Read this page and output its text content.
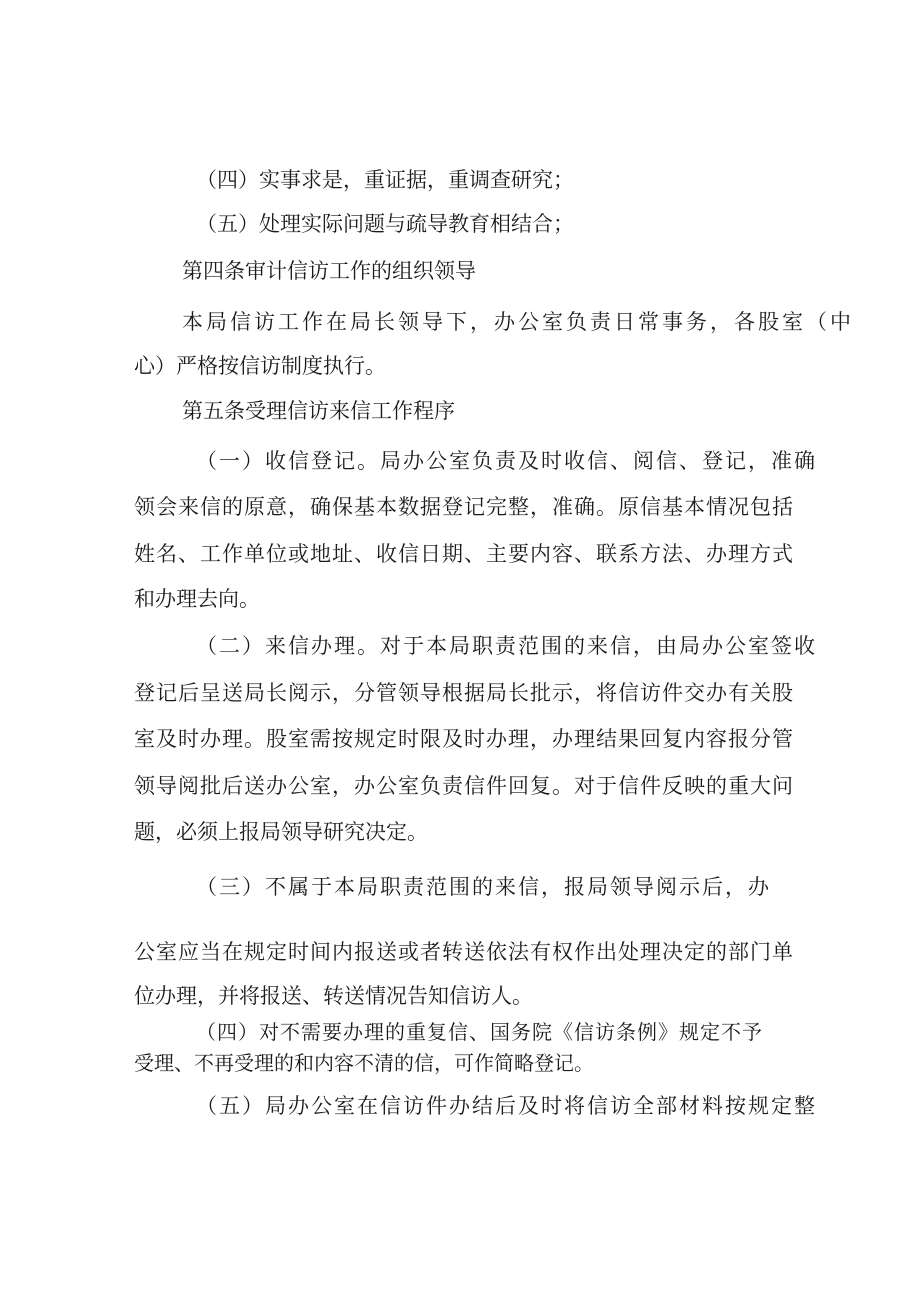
（四）实事求是，重证据，重调查研究；

（五）处理实际问题与疏导教育相结合；

第四条审计信访工作的组织领导

本局信访工作在局长领导下，办公室负责日常事务，各股室（中

心）严格按信访制度执行。

第五条受理信访来信工作程序

（一）收信登记。局办公室负责及时收信、阅信、登记，准确

领会来信的原意，确保基本数据登记完整，准确。原信基本情况包括

姓名、工作单位或地址、收信日期、主要内容、联系方法、办理方式

和办理去向。

（二）来信办理。对于本局职责范围的来信，由局办公室签收

登记后呈送局长阅示，分管领导根据局长批示，将信访件交办有关股

室及时办理。股室需按规定时限及时办理，办理结果回复内容报分管

领导阅批后送办公室，办公室负责信件回复。对于信件反映的重大问

题，必须上报局领导研究决定。

（三）不属于本局职责范围的来信，报局领导阅示后，办

公室应当在规定时间内报送或者转送依法有权作出处理决定的部门单

位办理，并将报送、转送情况告知信访人。

（四）对不需要办理的重复信、国务院《信访条例》规定不予

受理、不再受理的和内容不清的信，可作简略登记。

（五）局办公室在信访件办结后及时将信访全部材料按规定整
